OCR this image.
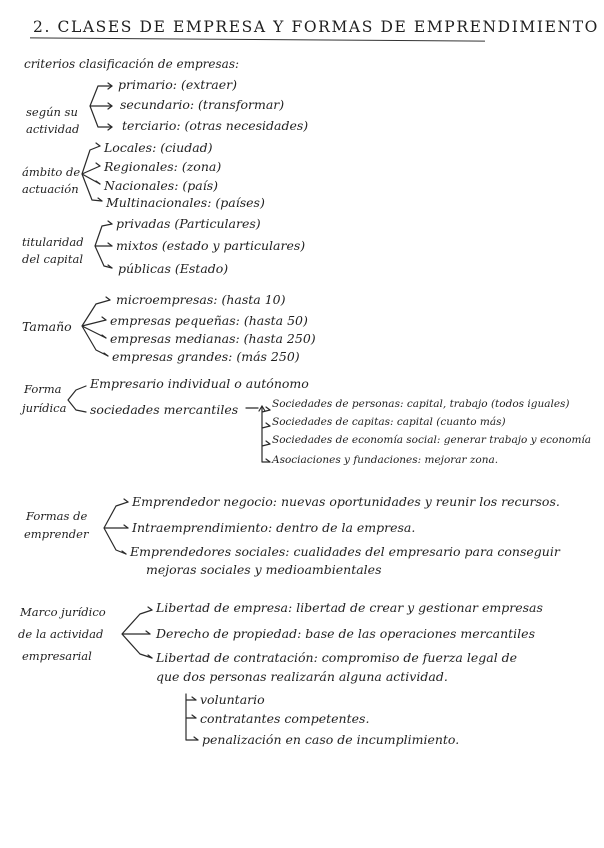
2. CLASES DE EMPRESA Y FORMAS DE EMPRENDIMIENTO
criterios clasificación de empresas:
según su
actividad
primario: (extraer)
secundario: (transformar)
terciario: (otras necesidades)
ámbito de
actuación
Locales: (ciudad)
Regionales: (zona)
Nacionales: (país)
Multinacionales: (países)
titularidad
del capital
privadas (Particulares)
mixtos (estado y particulares)
públicas (Estado)
Tamaño
microempresas: (hasta 10)
empresas pequeñas: (hasta 50)
empresas medianas: (hasta 250)
empresas grandes: (más 250)
Forma
jurídica
Empresario individual o autónomo
sociedades mercantiles	Sociedades de personas: capital, trabajo (todos iguales)
Sociedades de capitas: capital (cuanto más)
Sociedades de economía social: generar trabajo y economía
Asociaciones y fundaciones: mejorar zona.
Formas de
emprender
Emprendedor negocio: nuevas oportunidades y reunir los recursos.
Intraemprendimiento: dentro de la empresa.
Emprendedores sociales: cualidades del empresario para conseguir
mejoras sociales y medioambientales
Marco jurídico
de la actividad
empresarial
Libertad de empresa: libertad de crear y gestionar empresas
Derecho de propiedad: base de las operaciones mercantiles
Libertad de contratación: compromiso de fuerza legal de
que dos personas realizarán alguna actividad.
voluntario
contratantes competentes.
penalización en caso de incumplimiento.
